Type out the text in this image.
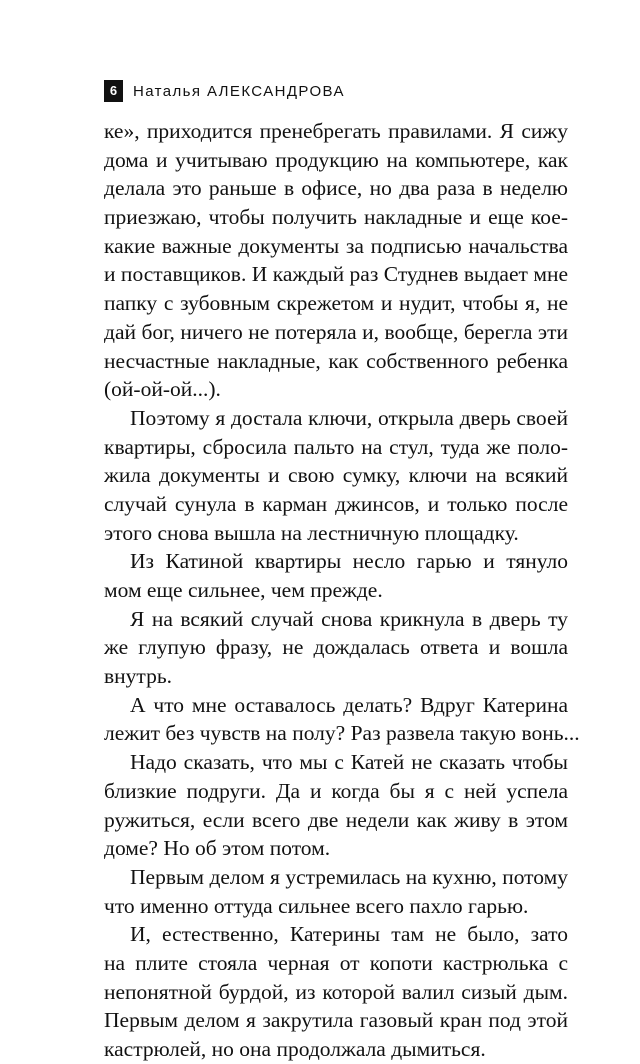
6	Наталья АЛЕКСАНДРОВА
ке», приходится пренебрегать правилами. Я сижу
дома и учитываю продукцию на компьютере, как
делала это раньше в офисе, но два раза в неделю
приезжаю, чтобы получить накладные и еще кое-
какие важные документы за подписью начальства
и поставщиков. И каждый раз Студнев выдает мне
папку с зубовным скрежетом и нудит, чтобы я, не
дай бог, ничего не потеряла и, вообще, берегла эти
несчастные накладные, как собственного ребенка
(ой-ой-ой...).
Поэтому я достала ключи, открыла дверь своей
квартиры, сбросила пальто на стул, туда же поло-
жила документы и свою сумку, ключи на всякий
случай сунула в карман джинсов, и только после
этого снова вышла на лестничную площадку.
Из Катиной квартиры несло гарью и тянуло
мом еще сильнее, чем прежде.
Я на всякий случай снова крикнула в дверь ту
же глупую фразу, не дождалась ответа и вошла
внутрь.
А что мне оставалось делать? Вдруг Катерина
лежит без чувств на полу? Раз развела такую вонь...
Надо сказать, что мы с Катей не сказать чтобы
близкие подруги. Да и когда бы я с ней успела
ружиться, если всего две недели как живу в этом
доме? Но об этом потом.
Первым делом я устремилась на кухню, потому
что именно оттуда сильнее всего пахло гарью.
И, естественно, Катерины там не было, зато
на плите стояла черная от копоти кастрюлька с
непонятной бурдой, из которой валил сизый дым.
Первым делом я закрутила газовый кран под этой
кастрюлей, но она продолжала дымиться.
